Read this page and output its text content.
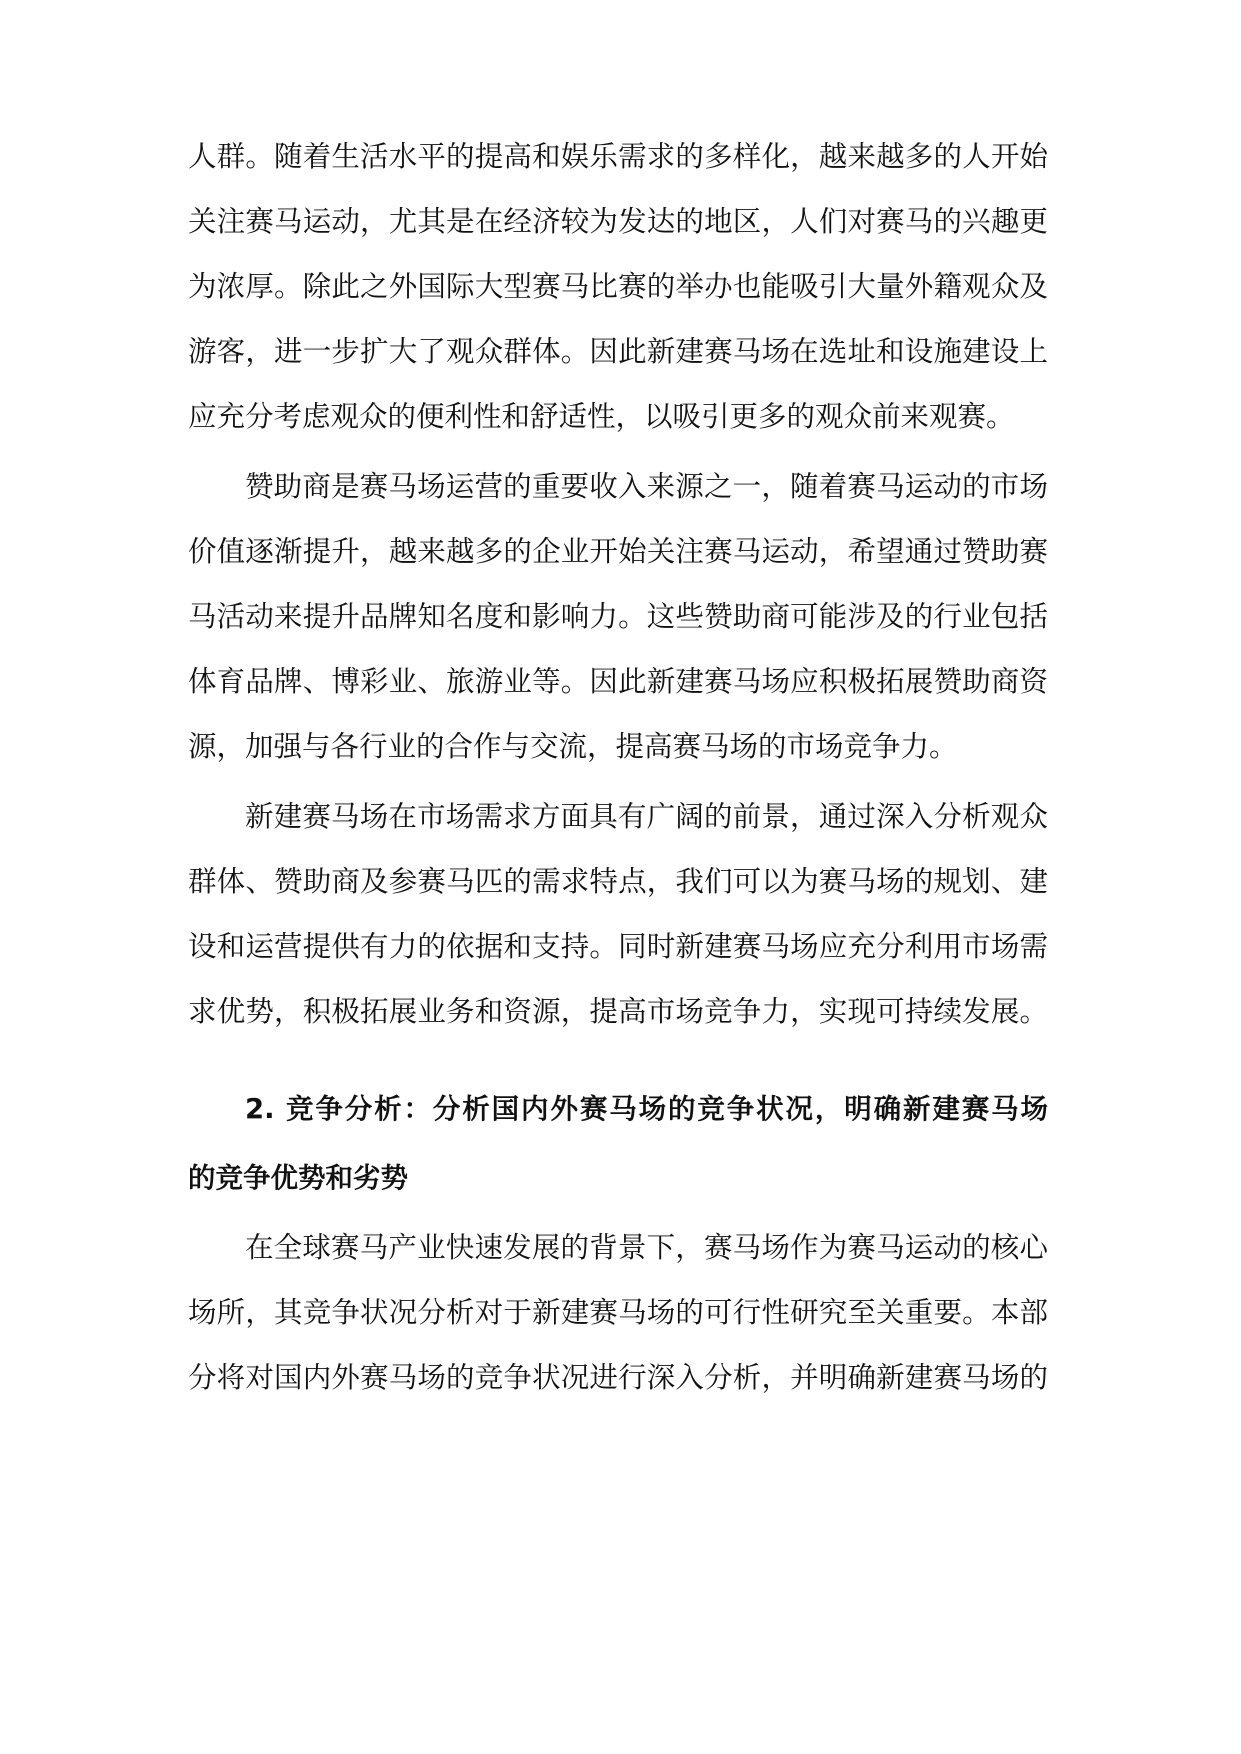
人群。随着生活水平的提高和娱乐需求的多样化，越来越多的人开始
关注赛马运动，尤其是在经济较为发达的地区，人们对赛马的兴趣更
为浓厚。除此之外国际大型赛马比赛的举办也能吸引大量外籍观众及
游客，进一步扩大了观众群体。因此新建赛马场在选址和设施建设上
应充分考虑观众的便利性和舒适性，以吸引更多的观众前来观赛。
赞助商是赛马场运营的重要收入来源之一，随着赛马运动的市场
价值逐渐提升，越来越多的企业开始关注赛马运动，希望通过赞助赛
马活动来提升品牌知名度和影响力。这些赞助商可能涉及的行业包括
体育品牌、博彩业、旅游业等。因此新建赛马场应积极拓展赞助商资
源，加强与各行业的合作与交流，提高赛马场的市场竞争力。
新建赛马场在市场需求方面具有广阔的前景，通过深入分析观众
群体、赞助商及参赛马匹的需求特点，我们可以为赛马场的规划、建
设和运营提供有力的依据和支持。同时新建赛马场应充分利用市场需
求优势，积极拓展业务和资源，提高市场竞争力，实现可持续发展。
2. 竞争分析：分析国内外赛马场的竞争状况，明确新建赛马场
的竞争优势和劣势
在全球赛马产业快速发展的背景下，赛马场作为赛马运动的核心
场所，其竞争状况分析对于新建赛马场的可行性研究至关重要。本部
分将对国内外赛马场的竞争状况进行深入分析，并明确新建赛马场的
